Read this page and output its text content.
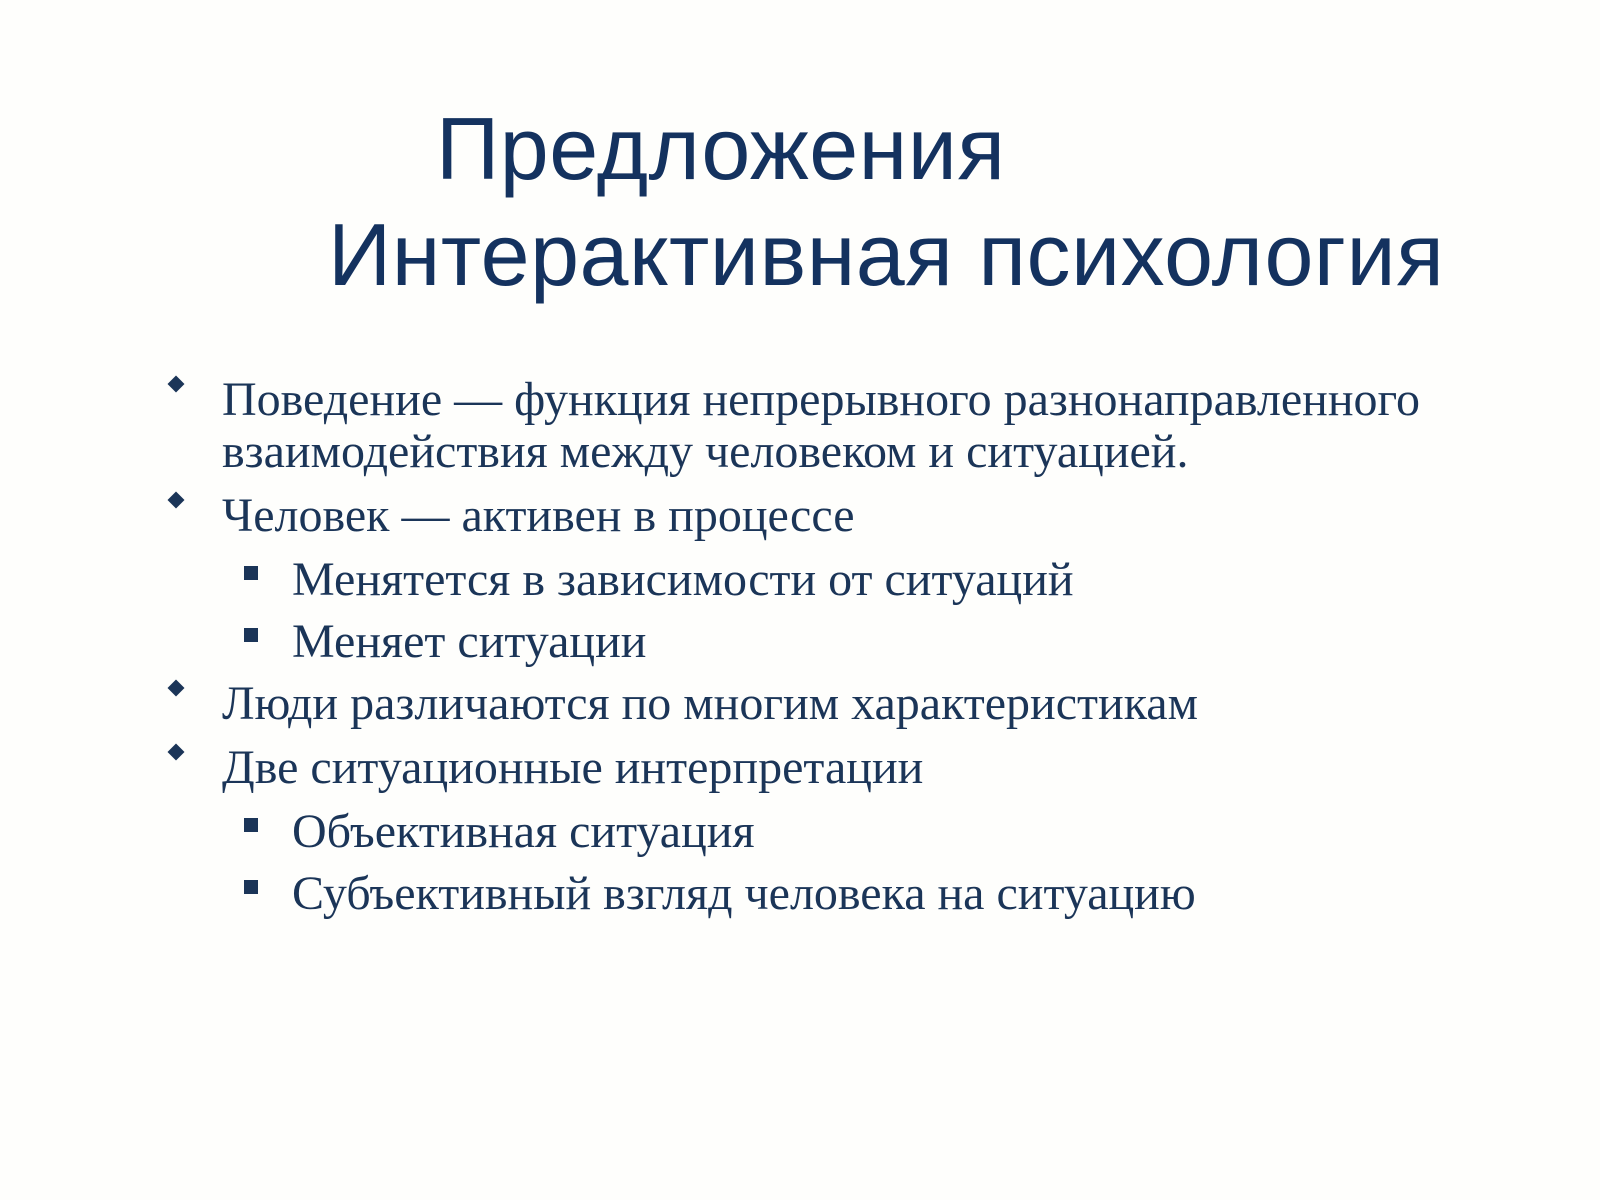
Предложения
Интерактивная психология
Поведение — функция непрерывного разнонаправленного взаимодействия между человеком и ситуацией.
Человек — активен в процессе
Менятется в зависимости от ситуаций
Меняет ситуации
Люди различаются по многим характеристикам
Две ситуационные интерпретации
Объективная ситуация
Субъективный взгляд человека на ситуацию
